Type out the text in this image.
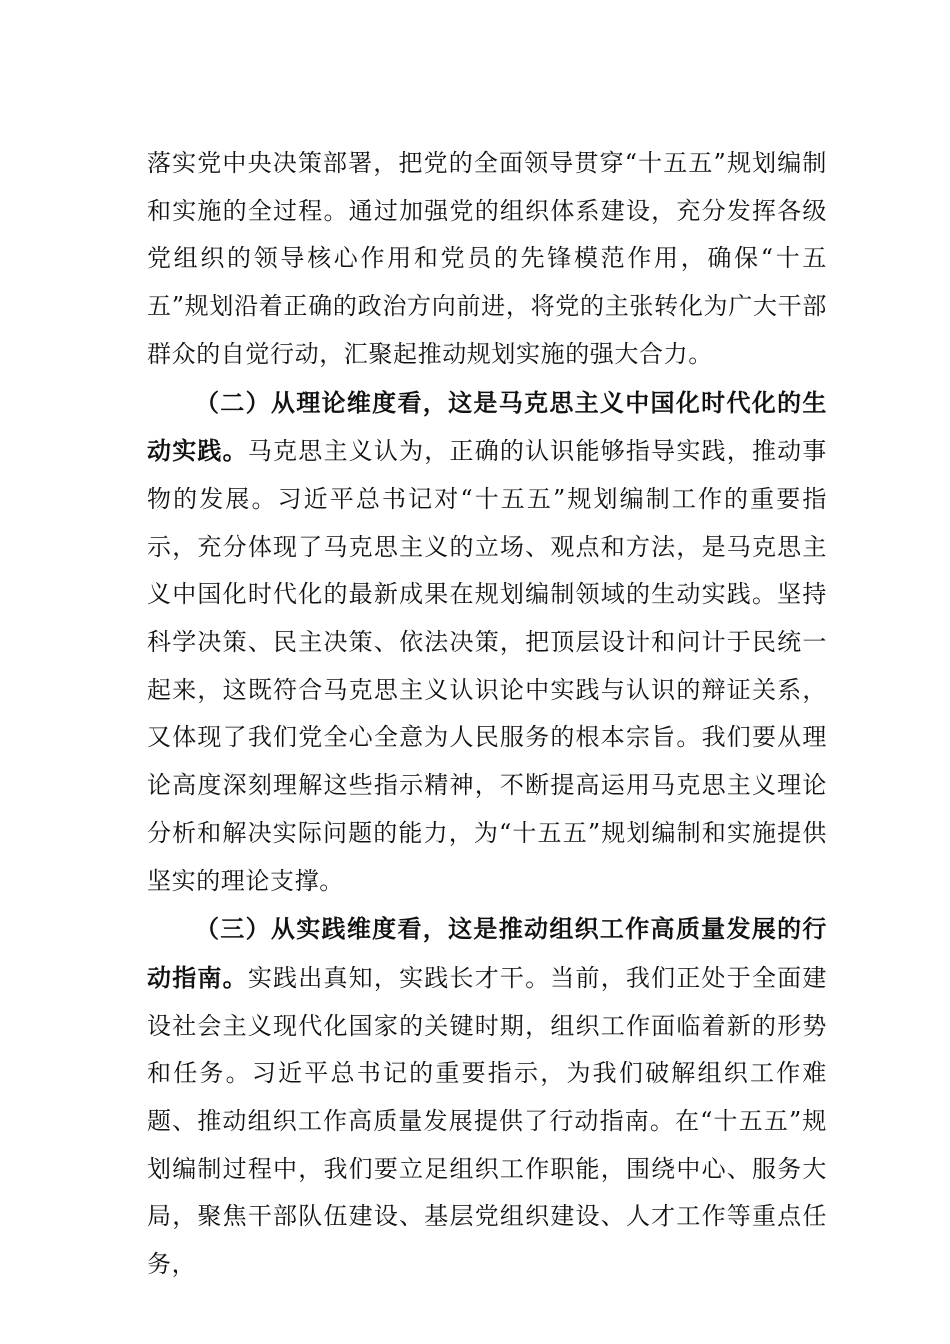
落实党中央决策部署，把党的全面领导贯穿“十五五”规划编制和实施的全过程。通过加强党的组织体系建设，充分发挥各级党组织的领导核心作用和党员的先锋模范作用，确保“十五五”规划沿着正确的政治方向前进，将党的主张转化为广大干部群众的自觉行动，汇聚起推动规划实施的强大合力。

（二）从理论维度看，这是马克思主义中国化时代化的生动实践。马克思主义认为，正确的认识能够指导实践，推动事物的发展。习近平总书记对“十五五”规划编制工作的重要指示，充分体现了马克思主义的立场、观点和方法，是马克思主义中国化时代化的最新成果在规划编制领域的生动实践。坚持科学决策、民主决策、依法决策，把顶层设计和问计于民统一起来，这既符合马克思主义认识论中实践与认识的辩证关系，又体现了我们党全心全意为人民服务的根本宗旨。我们要从理论高度深刻理解这些指示精神，不断提高运用马克思主义理论分析和解决实际问题的能力，为“十五五”规划编制和实施提供坚实的理论支撑。

（三）从实践维度看，这是推动组织工作高质量发展的行动指南。实践出真知，实践长才干。当前，我们正处于全面建设社会主义现代化国家的关键时期，组织工作面临着新的形势和任务。习近平总书记的重要指示，为我们破解组织工作难题、推动组织工作高质量发展提供了行动指南。在“十五五”规划编制过程中，我们要立足组织工作职能，围绕中心、服务大局，聚焦干部队伍建设、基层党组织建设、人才工作等重点任务，
